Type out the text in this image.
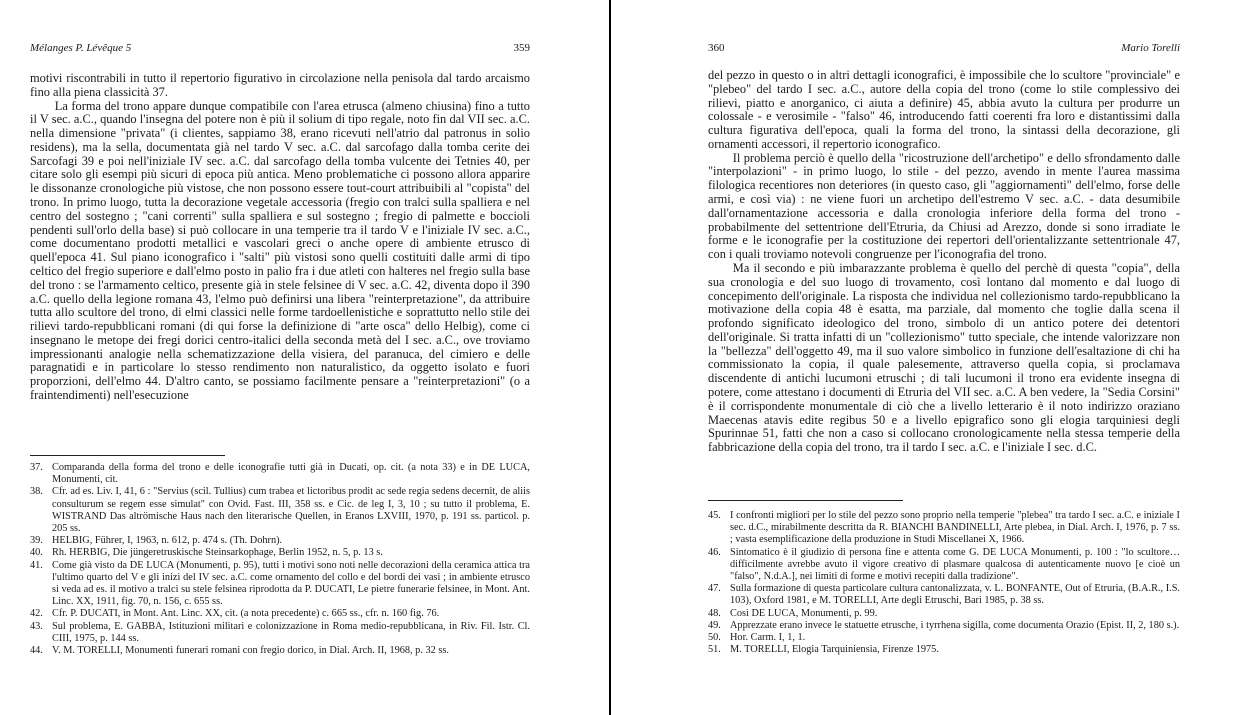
Mélanges P. Lévêque 5	359

motivi riscontrabili in tutto il repertorio figurativo in circolazione nella penisola dal tardo arcaismo fino alla piena classicità 37.

La forma del trono appare dunque compatibile con l'area etrusca (almeno chiusina) fino a tutto il V sec. a.C., quando l'insegna del potere non è più il solium di tipo regale, noto fin dal VII sec. a.C. nella dimensione "privata" (i clientes, sappiamo 38, erano ricevuti nell'atrio dal patronus in solio residens), ma la sella, documentata già nel tardo V sec. a.C. dal sarcofago dalla tomba cerite dei Sarcofagi 39 e poi nell'iniziale IV sec. a.C. dal sarcofago della tomba vulcente dei Tetnies 40, per citare solo gli esempi più sicuri di epoca più antica. Meno problematiche ci possono allora apparire le dissonanze cronologiche più vistose, che non possono essere tout-court attribuibili al "copista" del trono. In primo luogo, tutta la decorazione vegetale accessoria (fregio con tralci sulla spalliera e nel centro del sostegno ; "cani correnti" sulla spalliera e sul sostegno ; fregio di palmette e boccioli pendenti sull'orlo della base) si può collocare in una temperie tra il tardo V e l'iniziale IV sec. a.C., come documentano prodotti metallici e vascolari greci o anche opere di ambiente etrusco di quell'epoca 41. Sul piano iconografico i "salti" più vistosi sono quelli costituiti dalle armi di tipo celtico del fregio superiore e dall'elmo posto in palio fra i due atleti con halteres nel fregio sulla base del trono : se l'armamento celtico, presente già in stele felsinee di V sec. a.C. 42, diventa dopo il 390 a.C. quello della legione romana 43, l'elmo può definirsi una libera "reinterpretazione", da attribuire tutta allo scultore del trono, di elmi classici nelle forme tardoellenistiche e soprattutto nello stile dei rilievi tardo-repubblicani romani (di qui forse la definizione di "arte osca" dello Helbig), come ci insegnano le metope dei fregi dorici centro-italici della seconda metà del I sec. a.C., ove troviamo impressionanti analogie nella schematizzazione della visiera, del paranuca, del cimiero e delle paragnatidi e in particolare lo stesso rendimento non naturalistico, da oggetto isolato e fuori proporzioni, dell'elmo 44. D'altro canto, se possiamo facilmente pensare a "reinterpretazioni" (o a fraintendimenti) nell'esecuzione

37. Comparanda della forma del trono e delle iconografie tutti già in Ducati, op. cit. (a nota 33) e in DE LUCA, Monumenti, cit.
38. Cfr. ad es. Liv. I, 41, 6 : "Servius (scil. Tullius) cum trabea et lictoribus prodit ac sede regia sedens decernit, de aliis consulturum se regem esse simulat" con Ovid. Fast. III, 358 ss. e Cic. de leg I, 3, 10 ; su tutto il problema, E. WISTRAND Das altrömische Haus nach den literarische Quellen, in Eranos LXVIII, 1970, p. 191 ss. particol. p. 205 ss.
39. HELBIG, Führer, I, 1963, n. 612, p. 474 s. (Th. Dohrn).
40. Rh. HERBIG, Die jüngeretruskische Steinsarkophage, Berlin 1952, n. 5, p. 13 s.
41. Come già visto da DE LUCA (Monumenti, p. 95), tutti i motivi sono noti nelle decorazioni della ceramica attica tra l'ultimo quarto del V e gli inizi del IV sec. a.C. come ornamento del collo e del bordi dei vasi ; in ambiente etrusco si veda ad es. il motivo a tralci su stele felsinea riprodotta da P. DUCATI, Le pietre funerarie felsinee, in Mont. Ant. Linc. XX, 1911, fig. 70, n. 156, c. 655 ss.
42. Cfr. P. DUCATI, in Mont. Ant. Linc. XX, cit. (a nota precedente) c. 665 ss., cfr. n. 160 fig. 76.
43. Sul problema, E. GABBA, Istituzioni militari e colonizzazione in Roma medio-repubblicana, in Riv. Fil. Istr. Cl. CIII, 1975, p. 144 ss.
44. V. M. TORELLI, Monumenti funerari romani con fregio dorico, in Dial. Arch. II, 1968, p. 32 ss.
360	Mario Torelli

del pezzo in questo o in altri dettagli iconografici, è impossibile che lo scultore "provinciale" e "plebeo" del tardo I sec. a.C., autore della copia del trono (come lo stile complessivo dei rilievi, piatto e anorganico, ci aiuta a definire) 45, abbia avuto la cultura per produrre un colossale - e verosimile - "falso" 46, introducendo fatti coerenti fra loro e distantissimi dalla cultura figurativa dell'epoca, quali la forma del trono, la sintassi della decorazione, gli ornamenti accessori, il repertorio iconografico.

Il problema perciò è quello della "ricostruzione dell'archetipo" e dello sfrondamento dalle "interpolazioni" - in primo luogo, lo stile - del pezzo, avendo in mente l'aurea massima filologica recentiores non deteriores (in questo caso, gli "aggiornamenti" dell'elmo, forse delle armi, e così via) : ne viene fuori un archetipo dell'estremo V sec. a.C. - data desumibile dall'ornamentazione accessoria e dalla cronologia inferiore della forma del trono - probabilmente del settentrione dell'Etruria, da Chiusi ad Arezzo, donde si sono irradiate le forme e le iconografie per la costituzione dei repertori dell'orientalizzante settentrionale 47, con i quali troviamo notevoli congruenze per l'iconografia del trono.

Ma il secondo e più imbarazzante problema è quello del perchè di questa "copia", della sua cronologia e del suo luogo di trovamento, così lontano dal momento e dal luogo di concepimento dell'originale. La risposta che individua nel collezionismo tardo-repubblicano la motivazione della copia 48 è esatta, ma parziale, dal momento che toglie dalla scena il profondo significato ideologico del trono, simbolo di un antico potere dei detentori dell'originale. Si tratta infatti di un "collezionismo" tutto speciale, che intende valorizzare non la "bellezza" dell'oggetto 49, ma il suo valore simbolico in funzione dell'esaltazione di chi ha commissionato la copia, il quale palesemente, attraverso quella copia, si proclamava discendente di antichi lucumoni etruschi ; di tali lucumoni il trono era evidente insegna di potere, come attestano i documenti di Etruria del VII sec. a.C. A ben vedere, la "Sedia Corsini" è il corrispondente monumentale di ciò che a livello letterario è il noto indirizzo oraziano Maecenas atavis edite regibus 50 e a livello epigrafico sono gli elogia tarquiniesi degli Spurinnae 51, fatti che non a caso si collocano cronologicamente nella stessa temperie della fabbricazione della copia del trono, tra il tardo I sec. a.C. e l'iniziale I sec. d.C.

45. I confronti migliori per lo stile del pezzo sono proprio nella temperie "plebea" tra tardo I sec. a.C. e iniziale I sec. d.C., mirabilmente descritta da R. BIANCHI BANDINELLI, Arte plebea, in Dial. Arch. I, 1976, p. 7 ss. ; vasta esemplificazione della produzione in Studi Miscellanei X, 1966.
46. Sintomatico è il giudizio di persona fine e attenta come G. DE LUCA Monumenti, p. 100 : "lo scultore… difficilmente avrebbe avuto il vigore creativo di plasmare qualcosa di autenticamente nuovo [e cioè un "falso", N.d.A.], nei limiti di forme e motivi recepiti dalla tradizione".
47. Sulla formazione di questa particolare cultura cantonalizzata, v. L. BONFANTE, Out of Etruria, (B.A.R., I.S. 103), Oxford 1981, e M. TORELLI, Arte degli Etruschi, Bari 1985, p. 38 ss.
48. Così DE LUCA, Monumenti, p. 99.
49. Apprezzate erano invece le statuette etrusche, i tyrrhena sigilla, come documenta Orazio (Epist. II, 2, 180 s.).
50. Hor. Carm. I, 1, 1.
51. M. TORELLI, Elogia Tarquiniensia, Firenze 1975.
